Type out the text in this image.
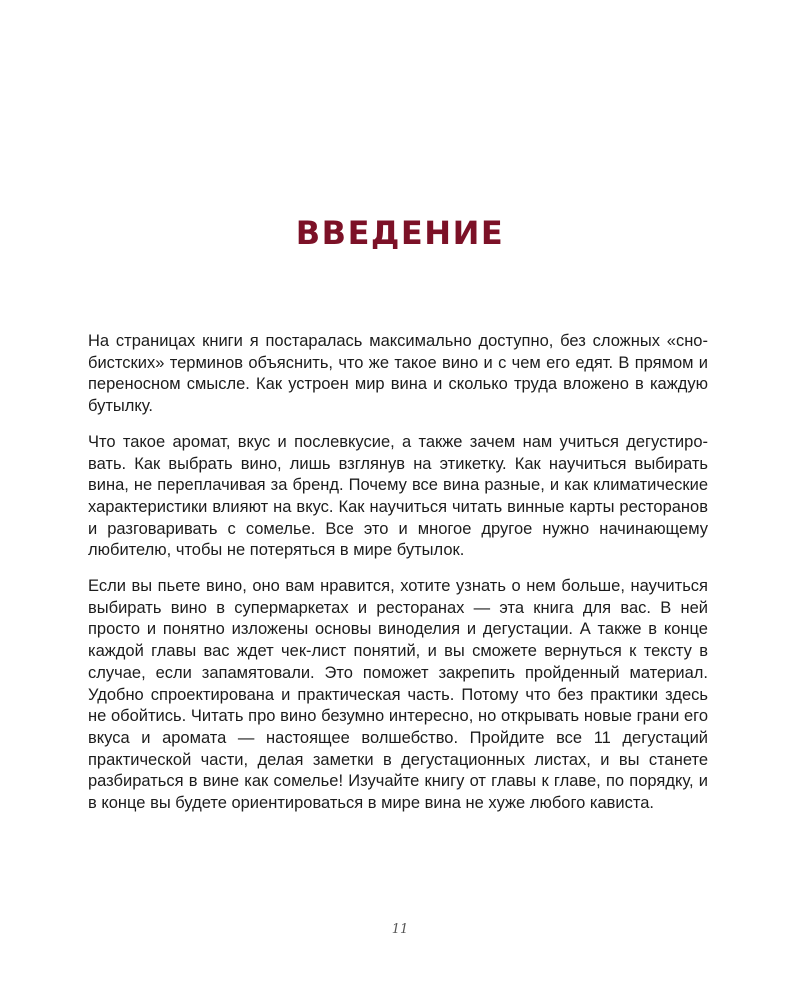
ВВЕДЕНИЕ

На страницах книги я постаралась максимально доступно, без сложных «снобистских» терминов объяснить, что же такое вино и с чем его едят. В прямом и переносном смысле. Как устроен мир вина и сколько труда вложено в каждую бутылку.

Что такое аромат, вкус и послевкусие, а также зачем нам учиться дегустировать. Как выбрать вино, лишь взглянув на этикетку. Как научиться выбирать вина, не переплачивая за бренд. Почему все вина разные, и как климатические характеристики влияют на вкус. Как научиться читать винные карты ресторанов и разговаривать с сомелье. Все это и многое другое нужно начинающему любителю, чтобы не потеряться в мире бутылок.

Если вы пьете вино, оно вам нравится, хотите узнать о нем больше, научиться выбирать вино в супермаркетах и ресторанах — эта книга для вас. В ней просто и понятно изложены основы виноделия и дегустации. А также в конце каждой главы вас ждет чек-лист понятий, и вы сможете вернуться к тексту в случае, если запамятовали. Это поможет закрепить пройденный материал. Удобно спроектирована и практическая часть. Потому что без практики здесь не обойтись. Читать про вино безумно интересно, но открывать новые грани его вкуса и аромата — настоящее волшебство. Пройдите все 11 дегустаций практической части, делая заметки в дегустационных листах, и вы станете разбираться в вине как сомелье! Изучайте книгу от главы к главе, по порядку, и в конце вы будете ориентироваться в мире вина не хуже любого кависта.

11
